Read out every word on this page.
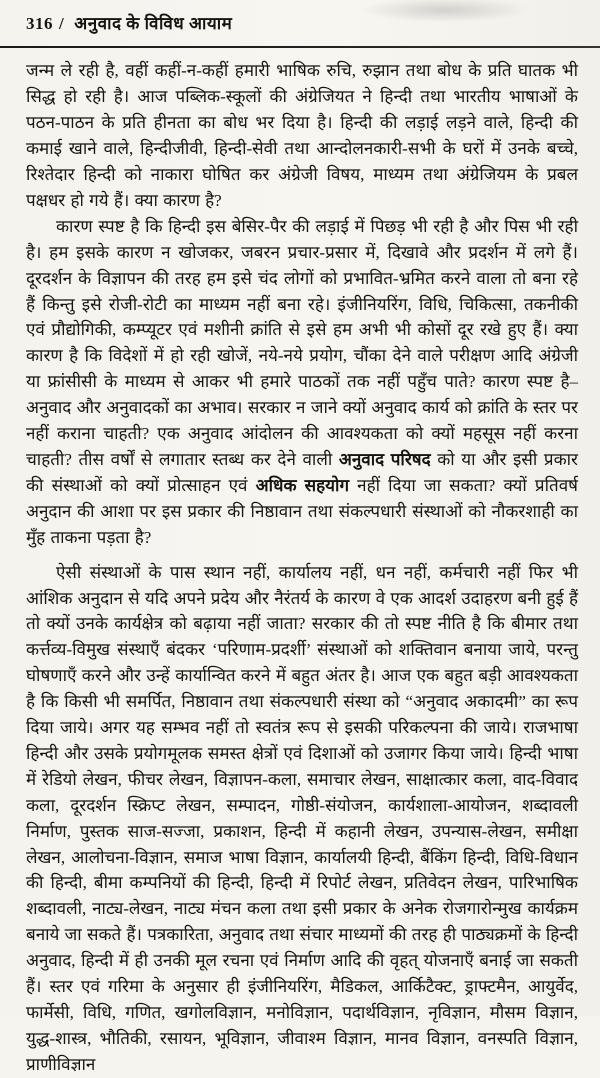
316 / अनुवाद के विविध आयाम

जन्म ले रही है, वहीं कहीं-न-कहीं हमारी भाषिक रुचि, रुझान तथा बोध के प्रति घातक भी सिद्ध हो रही है। आज पब्लिक-स्कूलों की अंग्रेजियत ने हिन्दी तथा भारतीय भाषाओं के पठन-पाठन के प्रति हीनता का बोध भर दिया है। हिन्दी की लड़ाई लड़ने वाले, हिन्दी की कमाई खाने वाले, हिन्दीजीवी, हिन्दी-सेवी तथा आन्दोलनकारी-सभी के घरों में उनके बच्चे, रिश्तेदार हिन्दी को नाकारा घोषित कर अंग्रेजी विषय, माध्यम तथा अंग्रेजियम के प्रबल पक्षधर हो गये हैं। क्या कारण है?

कारण स्पष्ट है कि हिन्दी इस बेसिर-पैर की लड़ाई में पिछड़ भी रही है और पिस भी रही है। हम इसके कारण न खोजकर, जबरन प्रचार-प्रसार में, दिखावे और प्रदर्शन में लगे हैं। दूरदर्शन के विज्ञापन की तरह हम इसे चंद लोगों को प्रभावित-भ्रमित करने वाला तो बना रहे हैं किन्तु इसे रोजी-रोटी का माध्यम नहीं बना रहे। इंजीनियरिंग, विधि, चिकित्सा, तकनीकी एवं प्रौद्योगिकी, कम्प्यूटर एवं मशीनी क्रांति से इसे हम अभी भी कोसों दूर रखे हुए हैं। क्या कारण है कि विदेशों में हो रही खोजें, नये-नये प्रयोग, चौंका देने वाले परीक्षण आदि अंग्रेजी या फ्रांसीसी के माध्यम से आकर भी हमारे पाठकों तक नहीं पहुँच पाते? कारण स्पष्ट है–अनुवाद और अनुवादकों का अभाव। सरकार न जाने क्यों अनुवाद कार्य को क्रांति के स्तर पर नहीं कराना चाहती? एक अनुवाद आंदोलन की आवश्यकता को क्यों महसूस नहीं करना चाहती? तीस वर्षों से लगातार स्तब्ध कर देने वाली अनुवाद परिषद को या और इसी प्रकार की संस्थाओं को क्यों प्रोत्साहन एवं अधिक सहयोग नहीं दिया जा सकता? क्यों प्रतिवर्ष अनुदान की आशा पर इस प्रकार की निष्ठावान तथा संकल्पधारी संस्थाओं को नौकरशाही का मुँह ताकना पड़ता है?

ऐसी संस्थाओं के पास स्थान नहीं, कार्यालय नहीं, धन नहीं, कर्मचारी नहीं फिर भी आंशिक अनुदान से यदि अपने प्रदेय और नैरंतर्य के कारण वे एक आदर्श उदाहरण बनी हुई हैं तो क्यों उनके कार्यक्षेत्र को बढ़ाया नहीं जाता? सरकार की तो स्पष्ट नीति है कि बीमार तथा कर्त्तव्य-विमुख संस्थाएँ बंदकर ‘परिणाम-प्रदर्शी’ संस्थाओं को शक्तिवान बनाया जाये, परन्तु घोषणाएँ करने और उन्हें कार्यान्वित करने में बहुत अंतर है। आज एक बहुत बड़ी आवश्यकता है कि किसी भी समर्पित, निष्ठावान तथा संकल्पधारी संस्था को “अनुवाद अकादमी” का रूप दिया जाये। अगर यह सम्भव नहीं तो स्वतंत्र रूप से इसकी परिकल्पना की जाये। राजभाषा हिन्दी और उसके प्रयोगमूलक समस्त क्षेत्रों एवं दिशाओं को उजागर किया जाये। हिन्दी भाषा में रेडियो लेखन, फीचर लेखन, विज्ञापन-कला, समाचार लेखन, साक्षात्कार कला, वाद-विवाद कला, दूरदर्शन स्क्रिप्ट लेखन, सम्पादन, गोष्ठी-संयोजन, कार्यशाला-आयोजन, शब्दावली निर्माण, पुस्तक साज-सज्जा, प्रकाशन, हिन्दी में कहानी लेखन, उपन्यास-लेखन, समीक्षा लेखन, आलोचना-विज्ञान, समाज भाषा विज्ञान, कार्यालयी हिन्दी, बैंकिंग हिन्दी, विधि-विधान की हिन्दी, बीमा कम्पनियों की हिन्दी, हिन्दी में रिपोर्ट लेखन, प्रतिवेदन लेखन, पारिभाषिक शब्दावली, नाट्य-लेखन, नाट्य मंचन कला तथा इसी प्रकार के अनेक रोजगारोन्मुख कार्यक्रम बनाये जा सकते हैं। पत्रकारिता, अनुवाद तथा संचार माध्यमों की तरह ही पाठ्यक्रमों के हिन्दी अनुवाद, हिन्दी में ही उनकी मूल रचना एवं निर्माण आदि की वृहत् योजनाएँ बनाई जा सकती हैं। स्तर एवं गरिमा के अनुसार ही इंजीनियरिंग, मैडिकल, आर्किटैक्ट, ड्राफ्टमैन, आयुर्वेद, फार्मेसी, विधि, गणित, खगोलविज्ञान, मनोविज्ञान, पदार्थविज्ञान, नृविज्ञान, मौसम विज्ञान, युद्ध-शास्त्र, भौतिकी, रसायन, भूविज्ञान, जीवाश्म विज्ञान, मानव विज्ञान, वनस्पति विज्ञान, प्राणीविज्ञान
